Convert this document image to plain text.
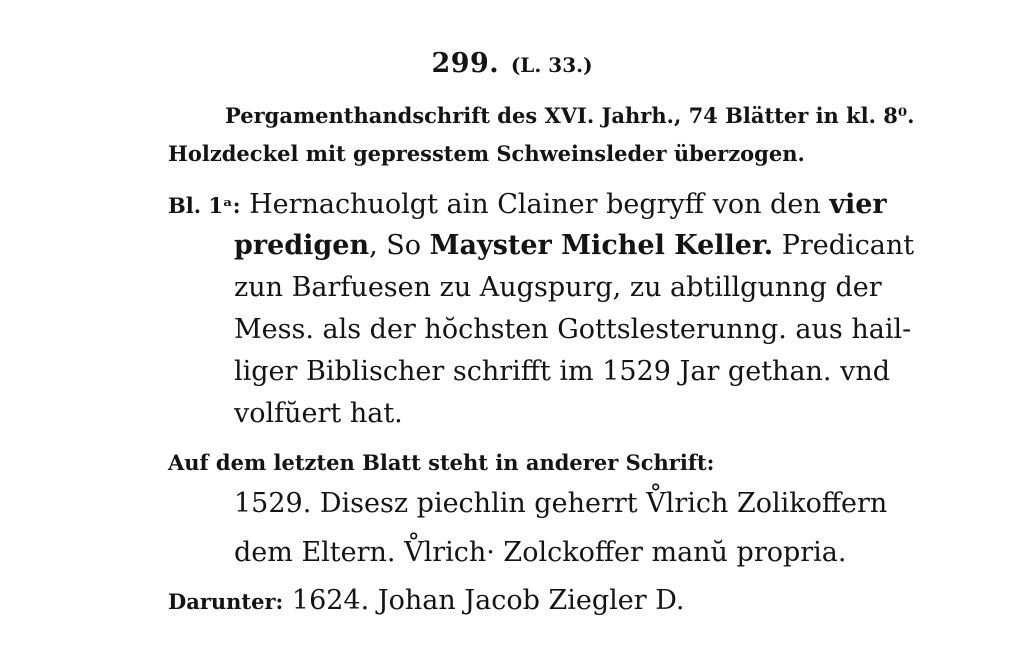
299. (L. 33.)
Pergamenthandschrift des XVI. Jahrh., 74 Blätter in kl. 8⁰.
Holzdeckel mit gepresstem Schweinsleder überzogen.
Bl. 1ᵃ: Hernachuolgt ain Clainer begryff von den vier
predigen, So Mayster Michel Keller. Predicant
zun Barfuesen zu Augspurg, zu abtillgunng der
Mess. als der hŏchsten Gottslesterunng. aus hail-
liger Biblischer schrifft im 1529 Jar gethan. vnd
volfŭert hat.
Auf dem letzten Blatt steht in anderer Schrift:
1529. Disesz piechlin geherrt V̊lrich Zolikoffern
dem Eltern. V̊lrich· Zolckoffer manŭ propria.
Darunter: 1624. Johan Jacob Ziegler D.
